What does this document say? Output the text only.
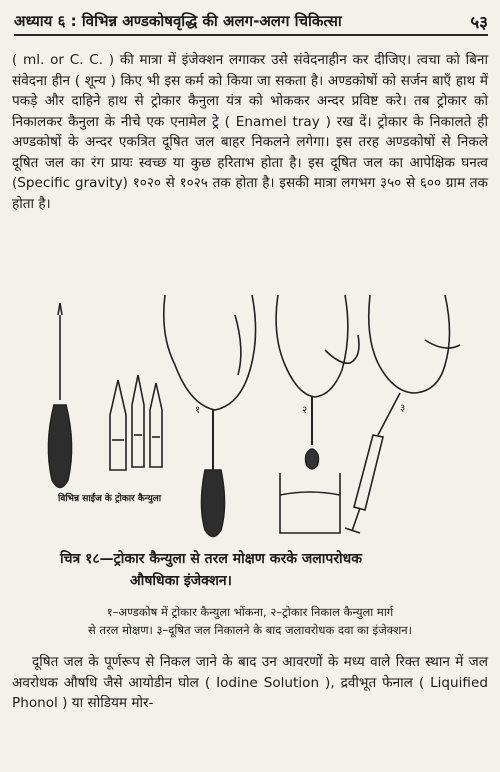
अध्याय ६ : विभिन्न अण्डकोषवृद्धि की अलग-अलग चिकित्सा	५३
( ml. or C. C. ) की मात्रा में इंजेक्शन लगाकर उसे संवेदनाहीन कर दीजिए। त्वचा को बिना संवेदना हीन ( शून्य ) किए भी इस कर्म को किया जा सकता है। अण्डकोषों को सर्जन बाएँ हाथ में पकड़े और दाहिने हाथ से ट्रोकार कैनुला यंत्र को भोककर अन्दर प्रविष्ट करे। तब ट्रोकार को निकालकर कैनुला के नीचे एक एनामेल ट्रे ( Enamel tray ) रख दें। ट्रोकार के निकालते ही अण्डकोषों के अन्दर एकत्रित दूषित जल बाहर निकलने लगेगा। इस तरह अण्डकोषों से निकले दूषित जल का रंग प्रायः स्वच्छ या कुछ हरिताभ होता है। इस दूषित जल का आपेक्षिक घनत्व (Specific gravity) १०२० से १०२५ तक होता है। इसकी मात्रा लगभग ३५० से ६०० ग्राम तक होता है।
१	२	३
विभिन्न साईज के ट्रोकार कैन्युला
चित्र १८—ट्रोकार कैन्युला से तरल मोक्षण करके जलापरोधक
औषधिका इंजेक्शन।
१–अण्डकोष में ट्रोकार कैन्युला भोंकना, २–ट्रोकार निकाल कैन्युला मार्ग
से तरल मोक्षण। ३–दूषित जल निकालने के बाद जलावरोधक दवा का इंजेक्शन।
दूषित जल के पूर्णरूप से निकल जाने के बाद उन आवरणों के मध्य वाले रिक्त स्थान में जल अवरोधक औषधि जैसे आयोडीन घोल ( Iodine Solution ), द्रवीभूत फेनाल ( Liquified Phonol ) या सोडियम मोर-
